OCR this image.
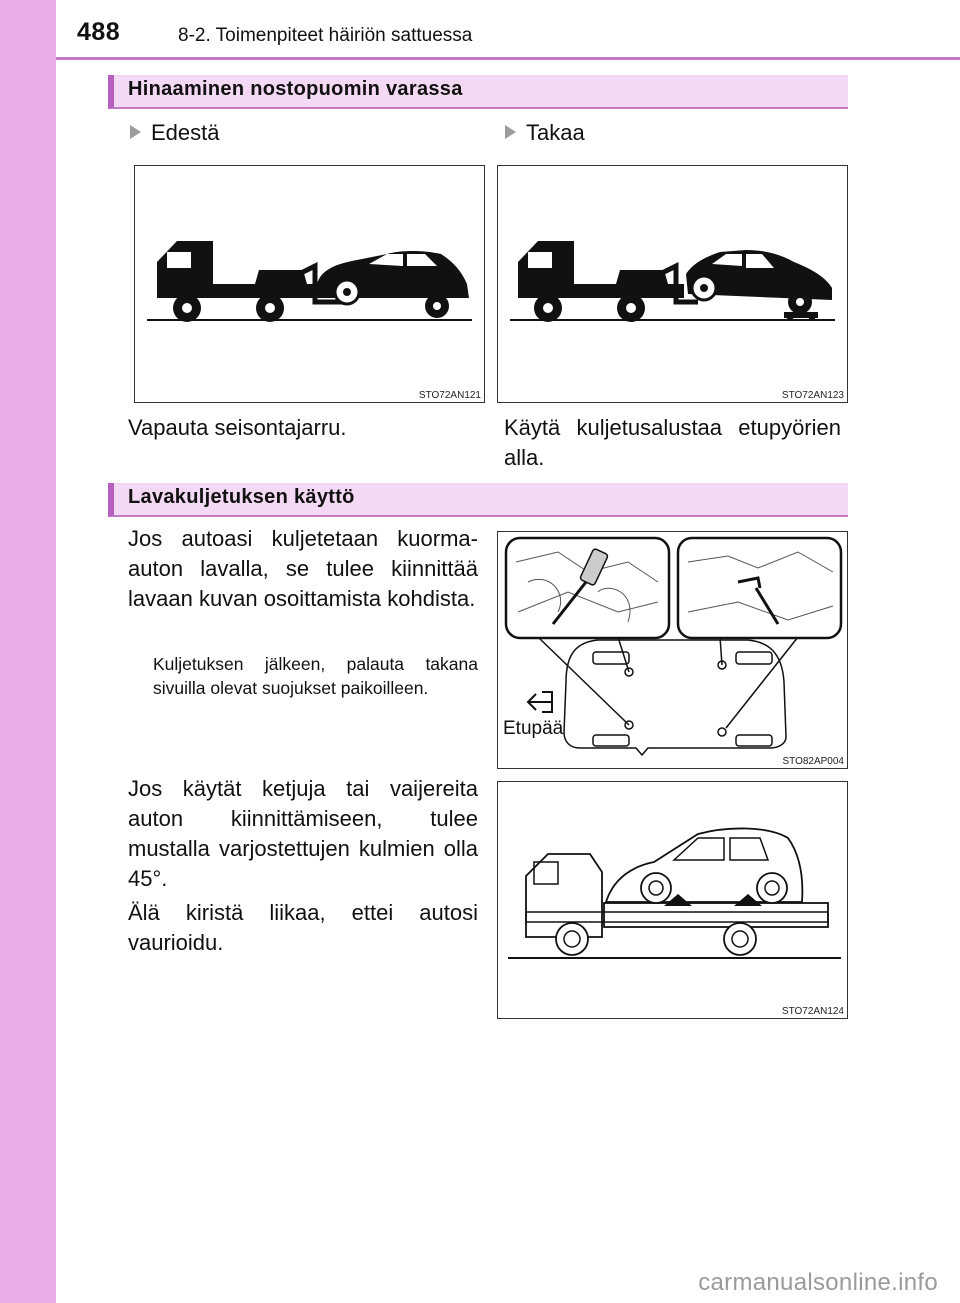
488	8-2. Toimenpiteet häiriön sattuessa
Hinaaminen nostopuomin varassa
Edestä	Takaa
STO72AN121	STO72AN123
Vapauta seisontajarru.	Käytä kuljetusalustaa etupyörien
alla.
Lavakuljetuksen käyttö
Jos autoasi kuljetetaan kuorma-auton lavalla, se tulee kiinnittää lavaan kuvan osoittamista kohdista.
Kuljetuksen jälkeen, palauta takana sivuilla olevat suojukset paikoilleen.
Jos käytät ketjuja tai vaijereita auton kiinnittämiseen, tulee mustalla varjostettujen kulmien olla 45°.
Älä kiristä liikaa, ettei autosi vaurioidu.
Etupää
STO82AP004
STO72AN124
carmanualsonline.info
